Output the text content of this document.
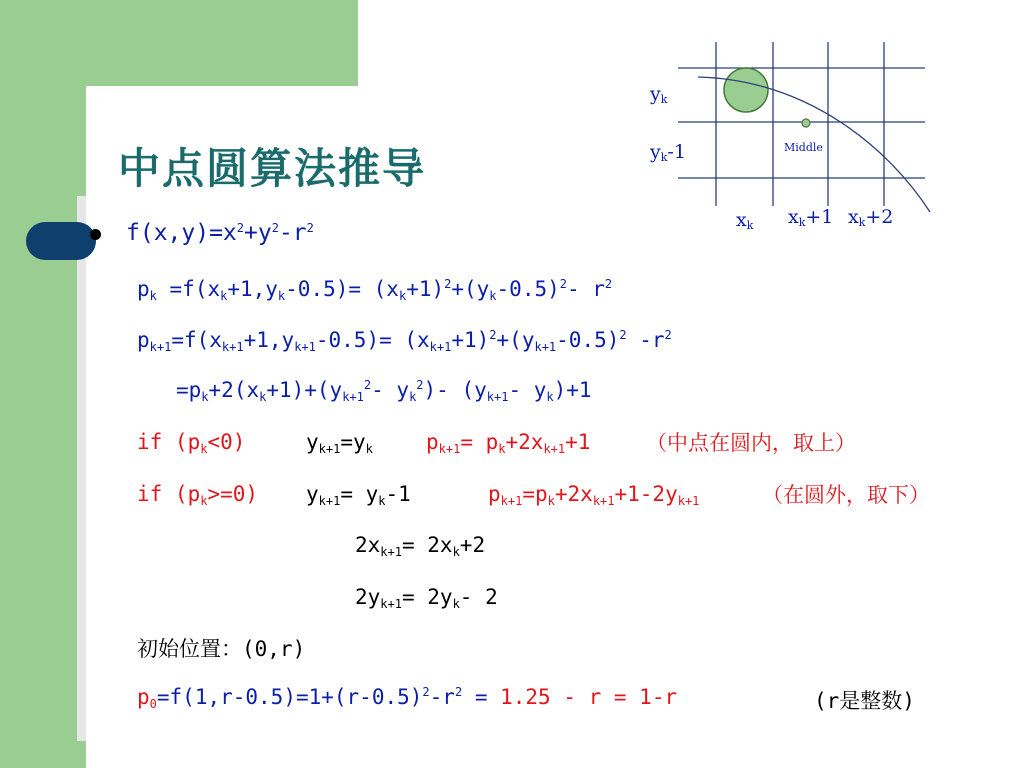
中点圆算法推导
yk
yk-1	Middle
xk xk+1 xk+2
$f(x,y)=x^2+y^2-r^2$
$p_k =f(x_k+1,y_k-0.5)= (x_k+1)^2+(y_k-0.5)^2-$ $r^2$
$p_{k+1}=f(x_{k+1}+1,y_{k+1}-0.5)= (x_{k+1}+1)^2+(y_{k+1}-0.5)^2$ $-r^2$
$=p_k+2(x_k+1)+(y_{k+1}^2-$ $y_k^2)-$ ($y_{k+1}-$ $y_k)+1$
if $(p_k<0)$	$y_{k+1}=y_k$	$p_{k+1}= p_k+2x_{k+1}+1$	（中点在圆内，取上）
if $(p_k>=0)$ $y_{k+1}= y_k-1$	$p_{k+1}=p_k+2x_{k+1}+1-2y_{k+1}$	（在圆外，取下）
$2x_{k+1}= 2x_k+2$
$2y_{k+1}= 2y_k-$ 2
初始位置：(0,r)
$p_0=f(1,r-0.5)=1+(r-0.5)^2-r^2 = 1.25 - r = 1-r$	(r是整数)
